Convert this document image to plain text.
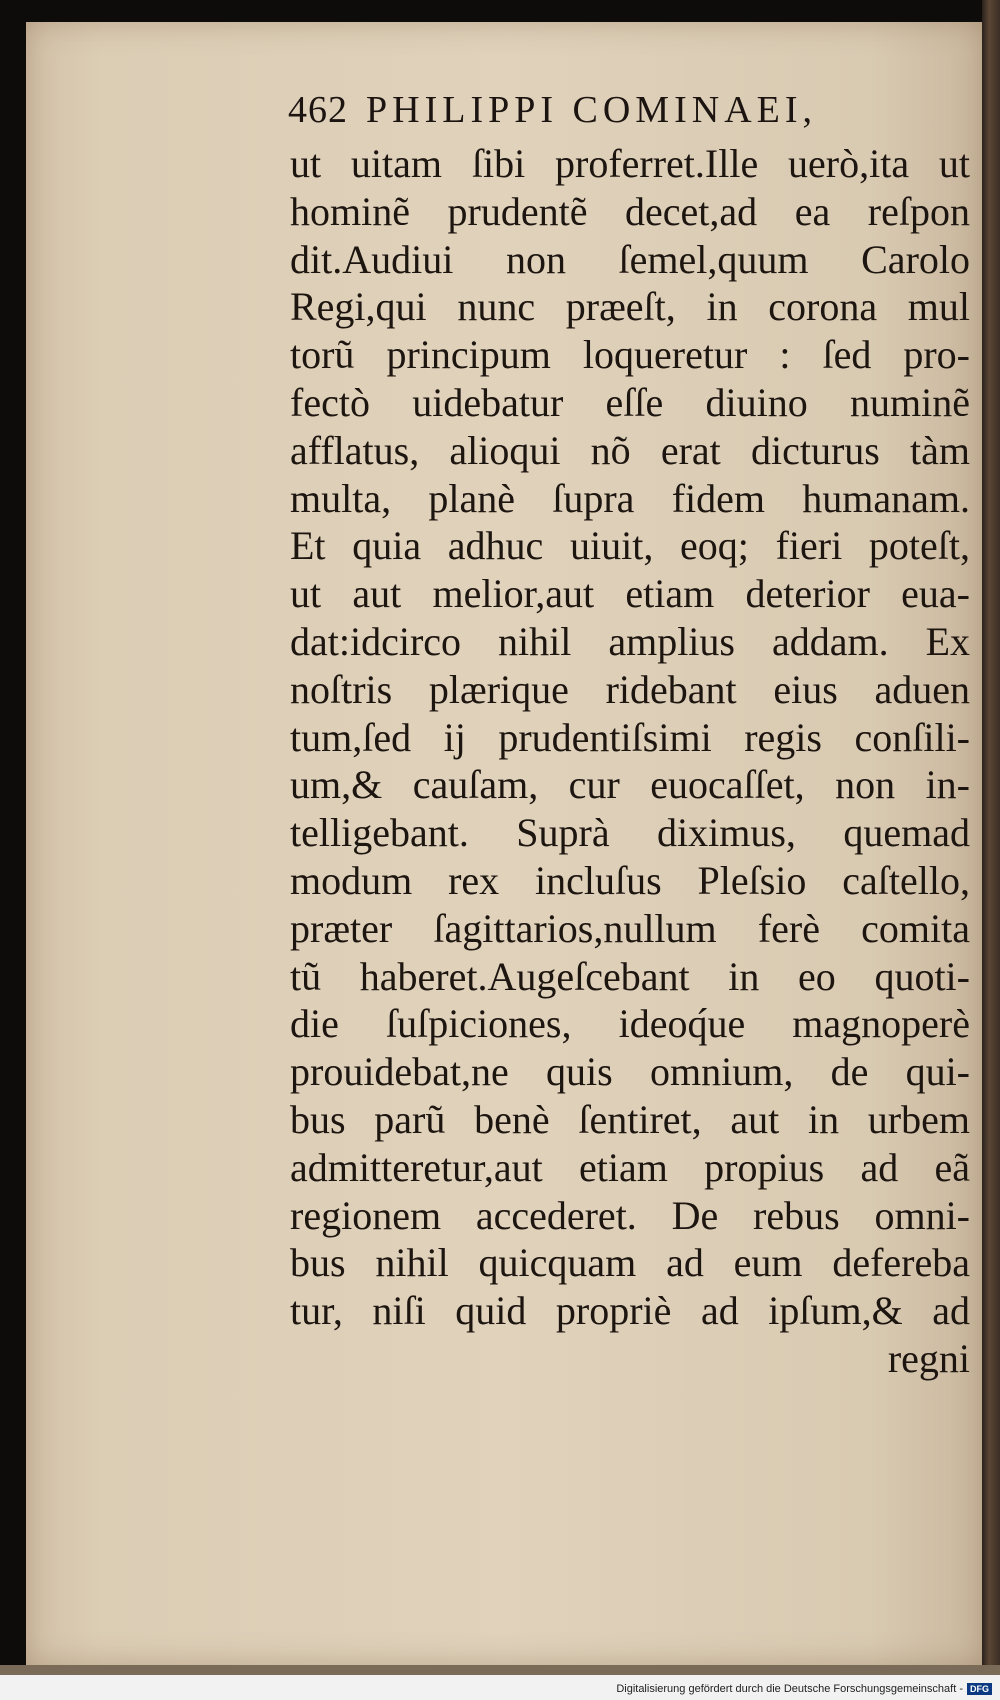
462 PHILIPPI COMINAEI,
ut uitam ſibi proferret.Ille uerò,ita ut
hominẽ prudentẽ decet,ad ea reſpon
dit.Audiui non ſemel,quum Carolo
Regi,qui nunc præeſt, in corona mul
torũ principum loqueretur : ſed pro-
fectò uidebatur eſſe diuino numinẽ
afflatus, alioqui nõ erat dicturus tàm
multa, planè ſupra fidem humanam.
Et quia adhuc uiuit, eoq; fieri poteſt,
ut aut melior,aut etiam deterior eua-
dat:idcirco nihil amplius addam. Ex
noſtris plærique ridebant eius aduen
tum,ſed ij prudentiſsimi regis conſili-
um,& cauſam, cur euocaſſet, non in-
telligebant. Suprà diximus, quemad
modum rex incluſus Pleſsio caſtello,
præter ſagittarios,nullum ferè comita
tũ haberet.Augeſcebant in eo quoti-
die ſuſpiciones, ideoq́ue magnoperè
prouidebat,ne quis omnium, de qui-
bus parũ benè ſentiret, aut in urbem
admitteretur,aut etiam propius ad eã
regionem accederet. De rebus omni-
bus nihil quicquam ad eum defereba
tur, niſi quid propriè ad ipſum,& ad
regni
Digitalisierung gefördert durch die Deutsche Forschungsgemeinschaft - DFG
